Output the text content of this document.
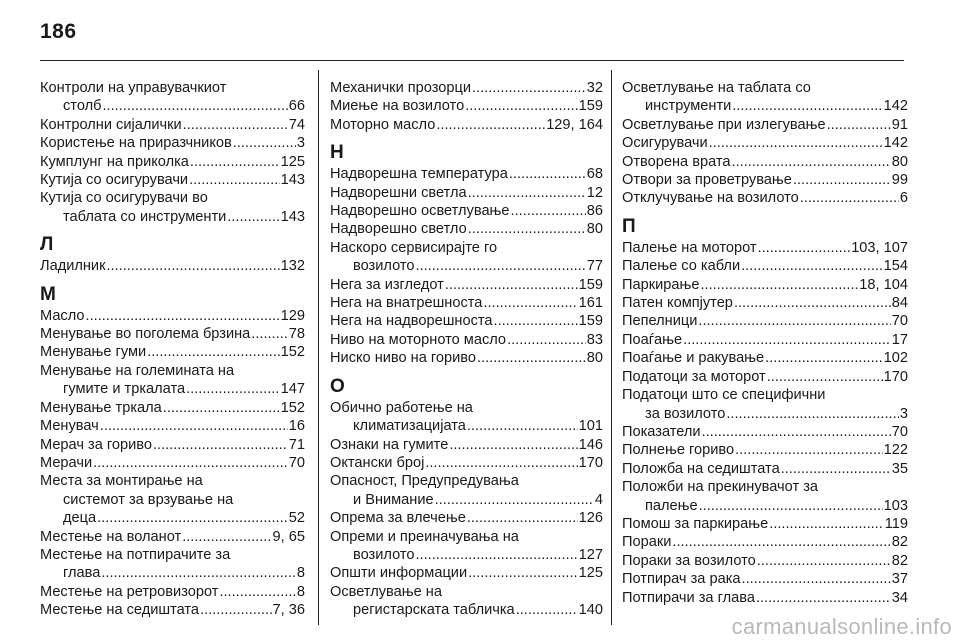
186
Контроли на управувачкиот
столб .....	66
Контролни сијалички .....	74
Користење на приразчников .....	3
Кумплунг на приколка .....	125
Кутија со осигурувачи .....	143
Кутија со осигурувачи во
таблата со инструменти .....	143
Л
Ладилник .....	132
М
Масло .....	129
Менување во поголема брзина .....	78
Менување гуми .....	152
Менување на големината на
гумите и тркалата .....	147
Менување тркала .....	152
Менувач .....	16
Мерач за гориво .....	71
Мерачи .....	70
Места за монтирање на
системот за врзување на
деца .....	52
Местење на воланот .....	9, 65
Местење на потпирачите за
глава .....	8
Местење на ретровизорот .....	8
Местење на седиштата .....	7, 36
Механички прозорци .....	32
Миење на возилото .....	159
Моторно масло .....	129, 164
Н
Надворешна температура .....	68
Надворешни светла .....	12
Надворешно осветлување .....	86
Надворешно светло .....	80
Наскоро сервисирајте го
возилото .....	77
Нега за изгледот .....	159
Нега на внатрешноста .....	161
Нега на надворешноста .....	159
Ниво на моторното масло .....	83
Ниско ниво на гориво .....	80
О
Обично работење на
климатизацијата .....	101
Ознаки на гумите .....	146
Октански број .....	170
Опасност, Предупредувања
и Внимание .....	4
Опрема за влечење .....	126
Опреми и преиначувања на
возилото .....	127
Општи информации .....	125
Осветлување на
регистарската табличка .....	140
Осветлување на таблата со
инструменти .....	142
Осветлување при излегување .....	91
Осигурувачи .....	142
Отворена врата .....	80
Отвори за проветрување .....	99
Отклучување на возилото .....	6
П
Палење на моторот .....	103, 107
Палење со кабли .....	154
Паркирање .....	18, 104
Патен компјутер .....	84
Пепелници .....	70
Поаѓање .....	17
Поаѓање и ракување .....	102
Податоци за моторот .....	170
Податоци што се специфични
за возилото .....	3
Показатели .....	70
Полнење гориво .....	122
Положба на седиштата .....	35
Положби на прекинувачот за
палење .....	103
Помош за паркирање .....	119
Пораки .....	82
Пораки за возилото .....	82
Потпирач за рака .....	37
Потпирачи за глава .....	34
carmanualsonline.info
